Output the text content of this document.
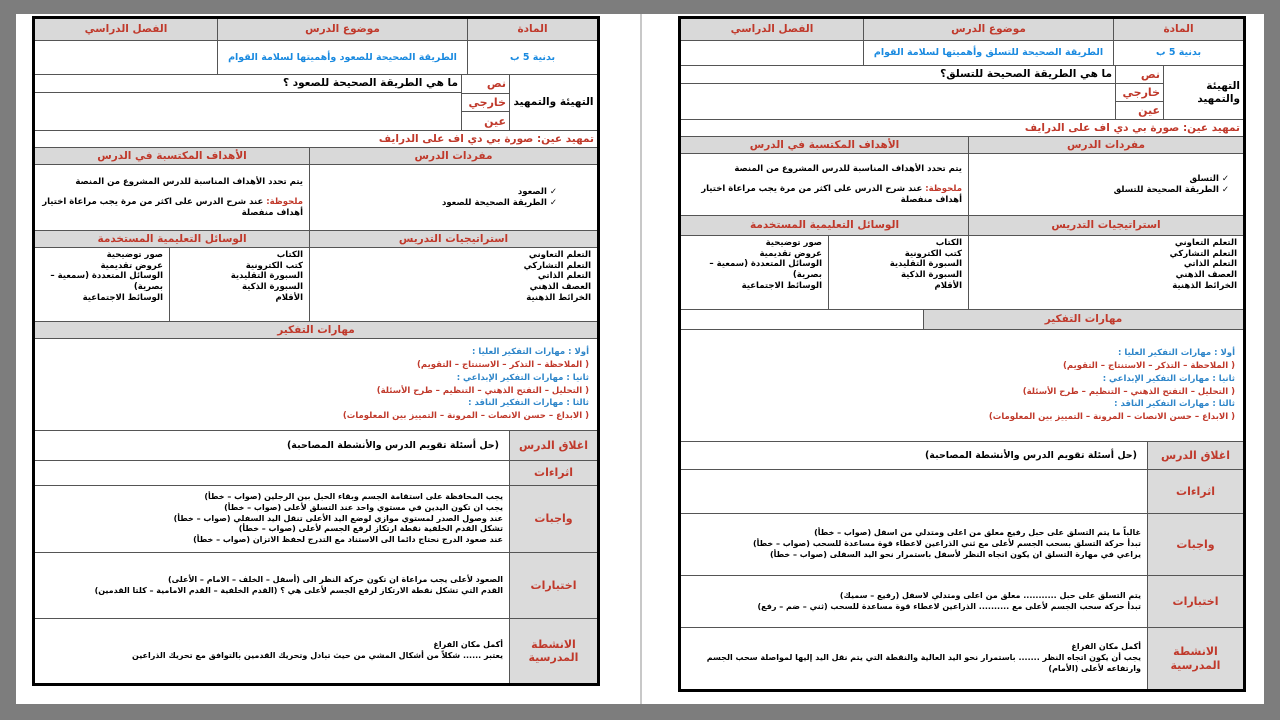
المادة
موضوع الدرس
الفصل الدراسي
بدنية 5 ب
الطريقة الصحيحة للصعود وأهميتها لسلامة القوام
التهيئة والتمهيد
نص
خارجي
عين
ما هي الطريقة الصحيحة للصعود ؟
تمهيد عين: صورة بي دي اف على الدرايف
مفردات الدرس
الأهداف المكتسبة في الدرس
✓ الصعود
✓ الطريقة الصحيحة للصعود
يتم تحدد الأهداف المناسبة للدرس المشروع من المنصة
ملحوظة: عند شرح الدرس على اكثر من مرة يجب مراعاة اختيار أهداف منفصلة
استراتيجيات التدريس
الوسائل التعليمية المستخدمة
التعلم التعاوني
التعلم التشاركي
التعلم الذاتي
العصف الذهني
الخرائط الذهنية
الكتاب
كتب الكترونية
السبورة التقليدية
السبورة الذكية
الأقلام
صور توضيحية
عروض تقديمية
الوسائل المتعددة (سمعية – بصرية)
الوسائط الاجتماعية
مهارات التفكير
أولا : مهارات التفكير العليا :
( الملاحظة – التذكر – الاستنتاج – التقويم)
ثانيا : مهارات التفكير الإبداعي :
( التحليل – التفتح الذهني – التنظيم – طرح الأسئلة)
ثالثا : مهارات التفكير الناقد :
( الابداع – حسن الانصات – المرونة – التمييز بين المعلومات)
اغلاق الدرس
(حل أسئلة تقويم الدرس والأنشطة المصاحبة)
اثراءات
واجبات
يجب المحافظة على استقامة الجسم وبقاء الحبل بين الرجلين (صواب – خطأ)
يجب ان تكون اليدين في مستوي واحد عند التسلق لأعلى (صواب – خطأ)
عند وصول الصدر لمستوي موازي لوضع اليد الأعلى تنقل اليد السفلي (صواب – خطأ)
تشكل القدم الخلفية نقطة ارتكاز لرفع الجسم لأعلى (صواب – خطأ)
عند صعود الدرج نحتاج دائما الى الاستناد مع التدرج لحفظ الاتزان (صواب – خطأ)
اختبارات
الصعود لأعلى يجب مراعاة ان تكون حركة النظر الى (أسفل – الخلف – الامام – الأعلى)
القدم التي تشكل نقطة الارتكاز لرفع الجسم لأعلى هي ؟ (القدم الخلفية – القدم الامامية – كلتا القدمين)
الانشطة المدرسية
أكمل مكان الفراغ
يعتبر ...... شكلاً من أشكال المشي من حيث تبادل وتحريك القدمين بالتوافق مع تحريك الذراعين
المادة
موضوع الدرس
الفصل الدراسي
بدنية 5 ب
الطريقة الصحيحة للتسلق وأهميتها لسلامة القوام
التهيئة والتمهيد
نص
خارجي
عين
ما هي الطريقة الصحيحة للتسلق؟
تمهيد عين: صورة بي دي اف على الدرايف
مفردات الدرس
الأهداف المكتسبة في الدرس
✓ التسلق
✓ الطريقة الصحيحة للتسلق
يتم تحدد الأهداف المناسبة للدرس المشروع من المنصة
ملحوظة: عند شرح الدرس على اكثر من مرة يجب مراعاة اختيار أهداف منفصلة
استراتيجيات التدريس
الوسائل التعليمية المستخدمة
التعلم التعاوني
التعلم التشاركي
التعلم الذاتي
العصف الذهني
الخرائط الذهنية
الكتاب
كتب الكترونية
السبورة التقليدية
السبورة الذكية
الأقلام
صور توضيحية
عروض تقديمية
الوسائل المتعددة (سمعية – بصرية)
الوسائط الاجتماعية
مهارات التفكير
أولا : مهارات التفكير العليا :
( الملاحظة – التذكر – الاستنتاج – التقويم)
ثانيا : مهارات التفكير الإبداعي :
( التحليل – التفتح الذهني – التنظيم – طرح الأسئلة)
ثالثا : مهارات التفكير الناقد :
( الابداع – حسن الانصات – المرونة – التمييز بين المعلومات)
اغلاق الدرس
(حل أسئلة تقويم الدرس والأنشطة المصاحبة)
اثراءات
واجبات
غالباً ما يتم التسلق على حبل رفيع معلق من اعلى ومتدلي من اسفل (صواب – خطأ)
تبدأ حركة التسلق بسحب الجسم لأعلى مع ثني الذراعين لاعطاء قوة مساعدة للسحب (صواب – خطأ)
يراعي في مهارة التسلق ان يكون اتجاه النظر لأسفل باستمرار نحو اليد السفلى (صواب – خطأ)
اختبارات
يتم التسلق على حبل ........... معلق من اعلى ومتدلي لاسفل (رفيع – سميك)
تبدأ حركة سحب الجسم لأعلى مع .......... الذراعين لاعطاء قوة مساعدة للسحب (ثني – ضم – رفع)
الانشطة المدرسية
أكمل مكان الفراغ
يجب أن يكون اتجاه النظر ....... باستمرار نحو اليد العالية والنقطة التي يتم نقل اليد إليها لمواصلة سحب الجسم وارتفاعه لأعلى (الأمام)
